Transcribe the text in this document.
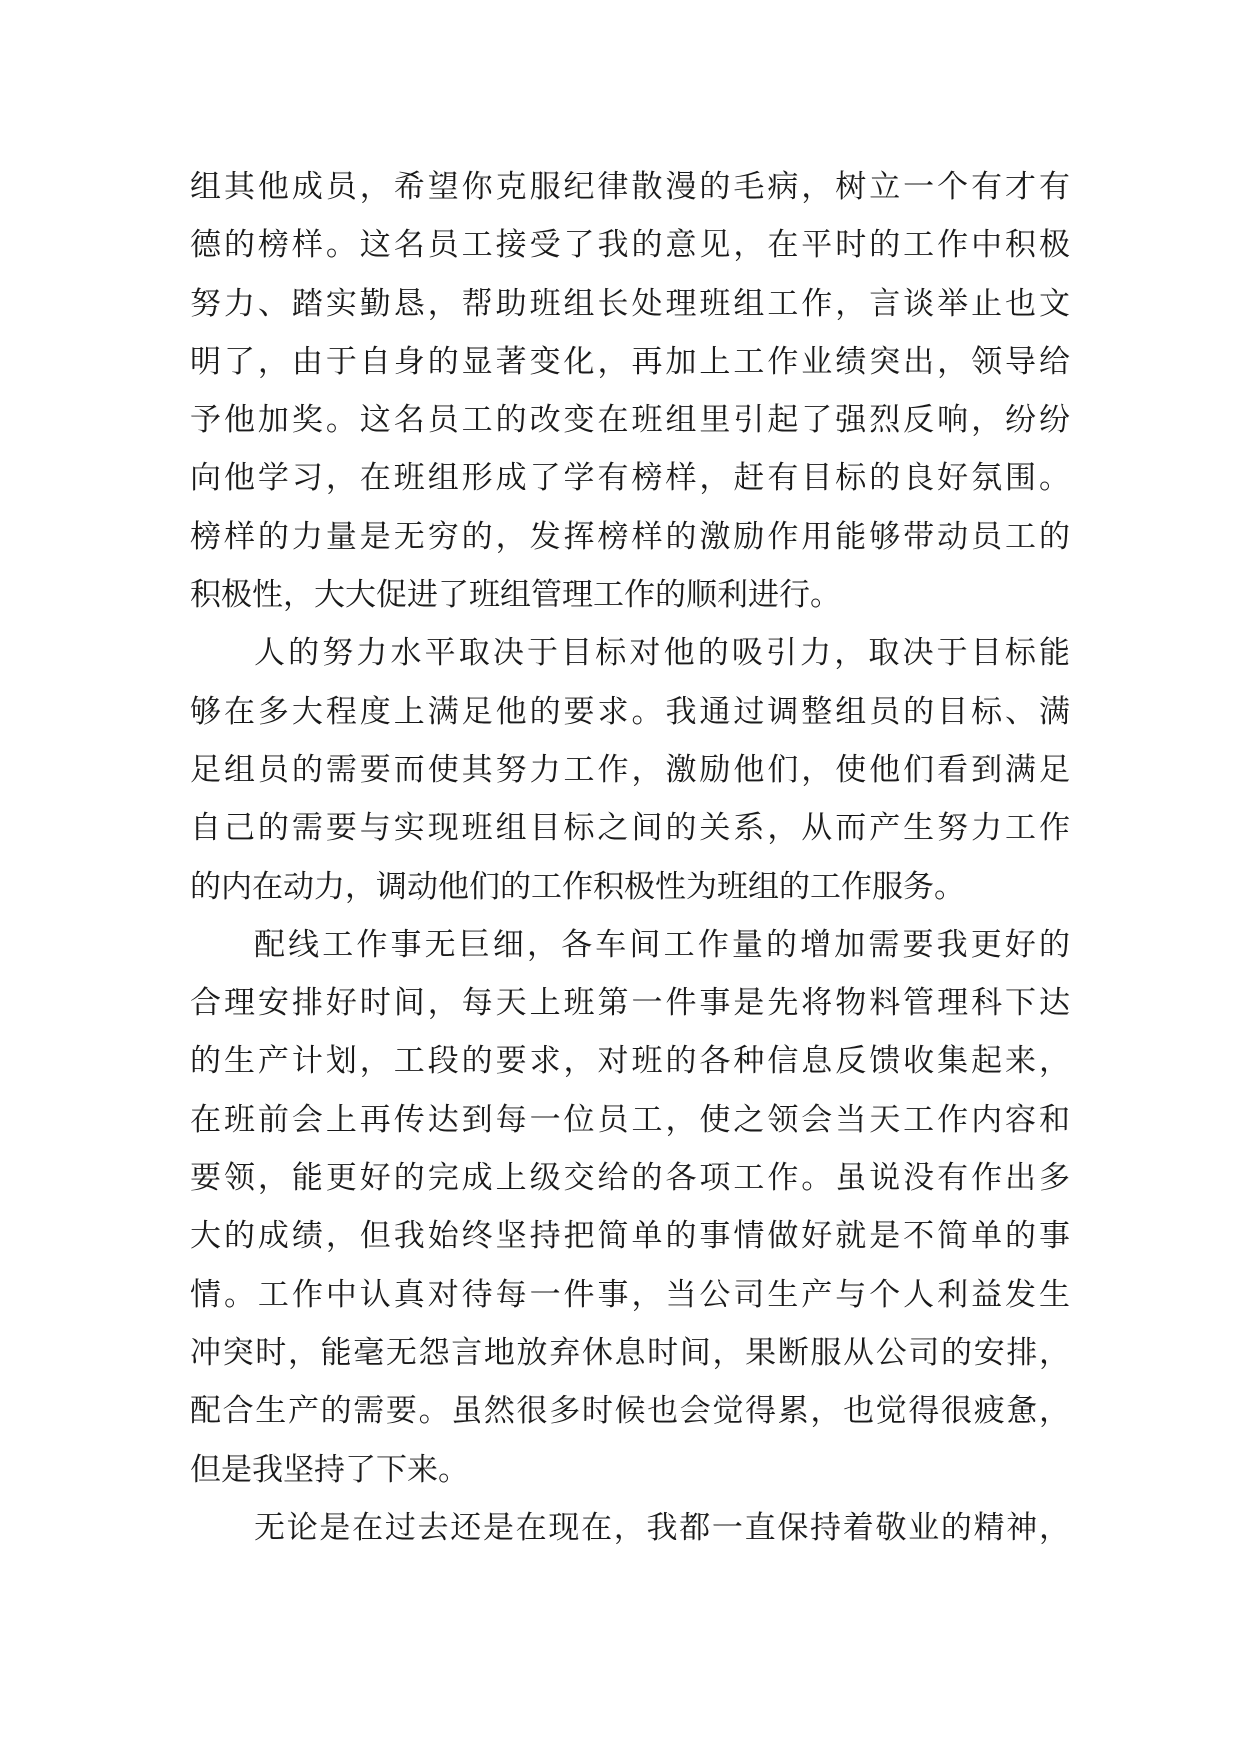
组其他成员，希望你克服纪律散漫的毛病，树立一个有才有
德的榜样。这名员工接受了我的意见，在平时的工作中积极
努力、踏实勤恳，帮助班组长处理班组工作，言谈举止也文
明了，由于自身的显著变化，再加上工作业绩突出，领导给
予他加奖。这名员工的改变在班组里引起了强烈反响，纷纷
向他学习，在班组形成了学有榜样，赶有目标的良好氛围。
榜样的力量是无穷的，发挥榜样的激励作用能够带动员工的
积极性，大大促进了班组管理工作的顺利进行。
人的努力水平取决于目标对他的吸引力，取决于目标能
够在多大程度上满足他的要求。我通过调整组员的目标、满
足组员的需要而使其努力工作，激励他们，使他们看到满足
自己的需要与实现班组目标之间的关系，从而产生努力工作
的内在动力，调动他们的工作积极性为班组的工作服务。
配线工作事无巨细，各车间工作量的增加需要我更好的
合理安排好时间，每天上班第一件事是先将物料管理科下达
的生产计划，工段的要求，对班的各种信息反馈收集起来，
在班前会上再传达到每一位员工，使之领会当天工作内容和
要领，能更好的完成上级交给的各项工作。虽说没有作出多
大的成绩，但我始终坚持把简单的事情做好就是不简单的事
情。工作中认真对待每一件事，当公司生产与个人利益发生
冲突时，能毫无怨言地放弃休息时间，果断服从公司的安排，
配合生产的需要。虽然很多时候也会觉得累，也觉得很疲惫，
但是我坚持了下来。
无论是在过去还是在现在，我都一直保持着敬业的精神，
